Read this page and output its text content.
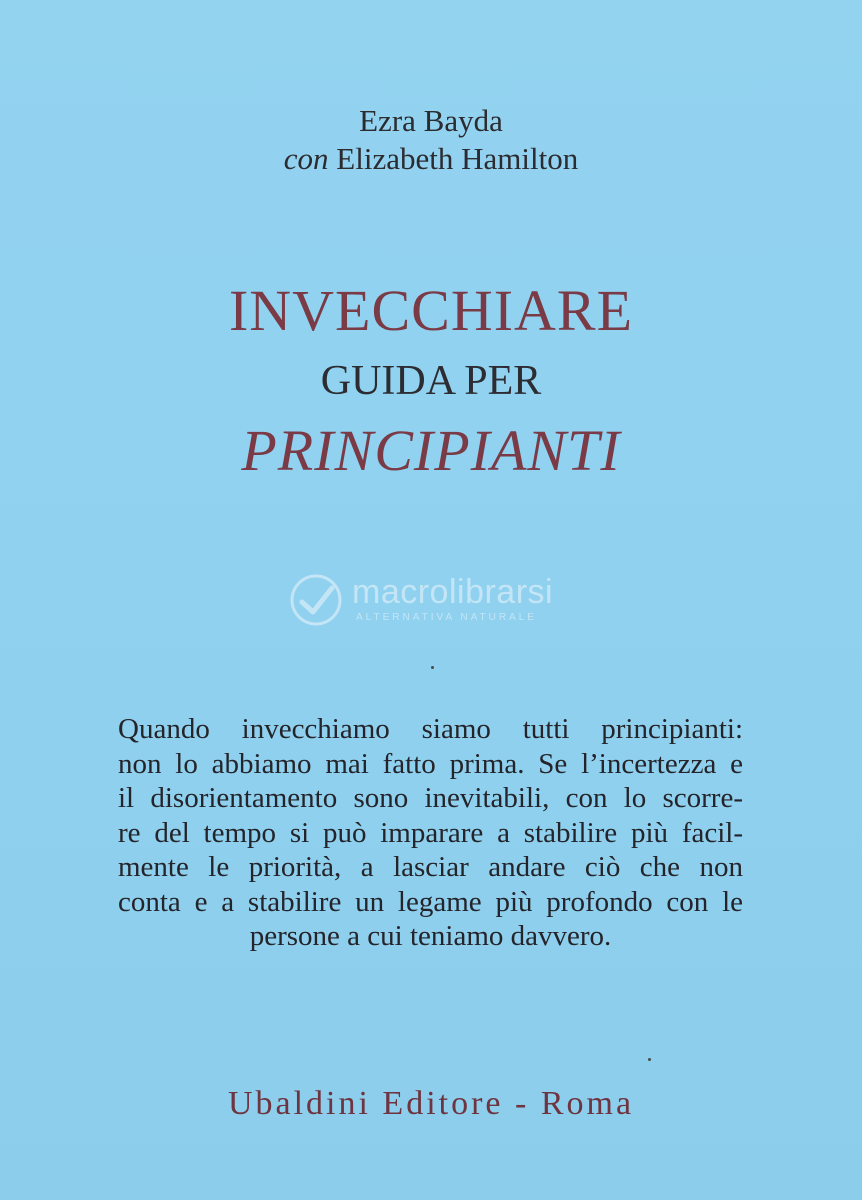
Ezra Bayda
con Elizabeth Hamilton
INVECCHIARE
GUIDA PER
PRINCIPIANTI
macrolibrarsi
ALTERNATIVA NATURALE
Quando invecchiamo siamo tutti principianti:
non lo abbiamo mai fatto prima. Se l’incertezza e
il disorientamento sono inevitabili, con lo scorre-
re del tempo si può imparare a stabilire più facil-
mente le priorità, a lasciar andare ciò che non
conta e a stabilire un legame più profondo con le
persone a cui teniamo davvero.
Ubaldini Editore - Roma
